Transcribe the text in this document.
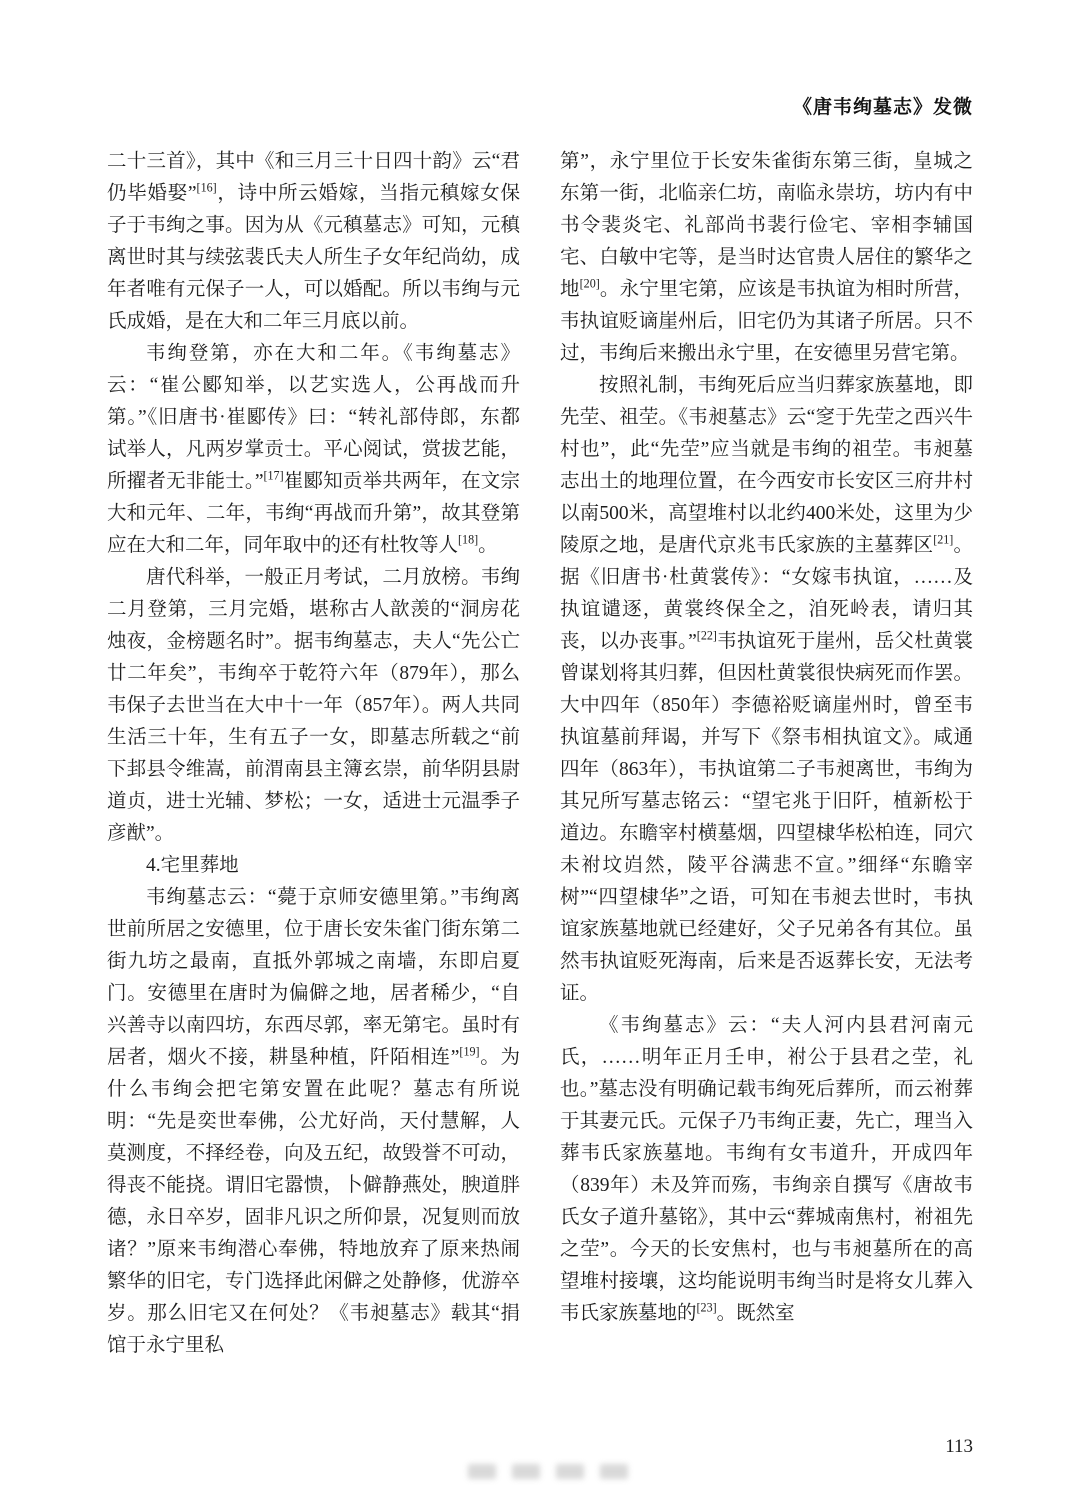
《唐韦绚墓志》发微

二十三首》，其中《和三月三十日四十韵》云“君仍毕婚娶”[16]，诗中所云婚嫁，当指元稹嫁女保子于韦绚之事。因为从《元稹墓志》可知，元稹离世时其与续弦裴氏夫人所生子女年纪尚幼，成年者唯有元保子一人，可以婚配。所以韦绚与元氏成婚，是在大和二年三月底以前。

韦绚登第，亦在大和二年。《韦绚墓志》云：“崔公郾知举，以艺实选人，公再战而升第。”《旧唐书·崔郾传》曰：“转礼部侍郎，东都试举人，凡两岁掌贡士。平心阅试，赏拔艺能，所擢者无非能士。”[17]崔郾知贡举共两年，在文宗大和元年、二年，韦绚“再战而升第”，故其登第应在大和二年，同年取中的还有杜牧等人[18]。

唐代科举，一般正月考试，二月放榜。韦绚二月登第，三月完婚，堪称古人歆羡的“洞房花烛夜，金榜题名时”。据韦绚墓志，夫人“先公亡廿二年矣”，韦绚卒于乾符六年（879年），那么韦保子去世当在大中十一年（857年）。两人共同生活三十年，生有五子一女，即墓志所载之“前下邽县令维嵩，前渭南县主簿玄崇，前华阴县尉道贞，进士光辅、梦松；一女，适进士元温季子彦猷”。

4.宅里葬地

韦绚墓志云：“薨于京师安德里第。”韦绚离世前所居之安德里，位于唐长安朱雀门街东第二街九坊之最南，直抵外郭城之南墙，东即启夏门。安德里在唐时为偏僻之地，居者稀少，“自兴善寺以南四坊，东西尽郭，率无第宅。虽时有居者，烟火不接，耕垦种植，阡陌相连”[19]。为什么韦绚会把宅第安置在此呢？墓志有所说明：“先是奕世奉佛，公尤好尚，天付慧解，人莫测度，不择经卷，向及五纪，故毁誉不可动，得丧不能挠。谓旧宅嚣愦，卜僻静燕处，腴道胖德，永日卒岁，固非凡识之所仰景，况复则而放诸？”原来韦绚潜心奉佛，特地放弃了原来热闹繁华的旧宅，专门选择此闲僻之处静修，优游卒岁。那么旧宅又在何处？《韦昶墓志》载其“捐馆于永宁里私

第”，永宁里位于长安朱雀街东第三街，皇城之东第一街，北临亲仁坊，南临永崇坊，坊内有中书令裴炎宅、礼部尚书裴行俭宅、宰相李辅国宅、白敏中宅等，是当时达官贵人居住的繁华之地[20]。永宁里宅第，应该是韦执谊为相时所营，韦执谊贬谪崖州后，旧宅仍为其诸子所居。只不过，韦绚后来搬出永宁里，在安德里另营宅第。

按照礼制，韦绚死后应当归葬家族墓地，即先茔、祖茔。《韦昶墓志》云“窆于先茔之西兴牛村也”，此“先茔”应当就是韦绚的祖茔。韦昶墓志出土的地理位置，在今西安市长安区三府井村以南500米，高望堆村以北约400米处，这里为少陵原之地，是唐代京兆韦氏家族的主墓葬区[21]。据《旧唐书·杜黄裳传》：“女嫁韦执谊，……及执谊谴逐，黄裳终保全之，洎死岭表，请归其丧，以办丧事。”[22]韦执谊死于崖州，岳父杜黄裳曾谋划将其归葬，但因杜黄裳很快病死而作罢。大中四年（850年）李德裕贬谪崖州时，曾至韦执谊墓前拜谒，并写下《祭韦相执谊文》。咸通四年（863年），韦执谊第二子韦昶离世，韦绚为其兄所写墓志铭云：“望宅兆于旧阡，植新松于道边。东瞻宰村横墓烟，四望棣华松柏连，同穴未祔坟岿然，陵平谷满悲不宣。”细绎“东瞻宰树”“四望棣华”之语，可知在韦昶去世时，韦执谊家族墓地就已经建好，父子兄弟各有其位。虽然韦执谊贬死海南，后来是否返葬长安，无法考证。

《韦绚墓志》云：“夫人河内县君河南元氏，……明年正月壬申，祔公于县君之茔，礼也。”墓志没有明确记载韦绚死后葬所，而云祔葬于其妻元氏。元保子乃韦绚正妻，先亡，理当入葬韦氏家族墓地。韦绚有女韦道升，开成四年（839年）未及笄而殇，韦绚亲自撰写《唐故韦氏女子道升墓铭》，其中云“葬城南焦村，祔祖先之茔”。今天的长安焦村，也与韦昶墓所在的高望堆村接壤，这均能说明韦绚当时是将女儿葬入韦氏家族墓地的[23]。既然室

113
